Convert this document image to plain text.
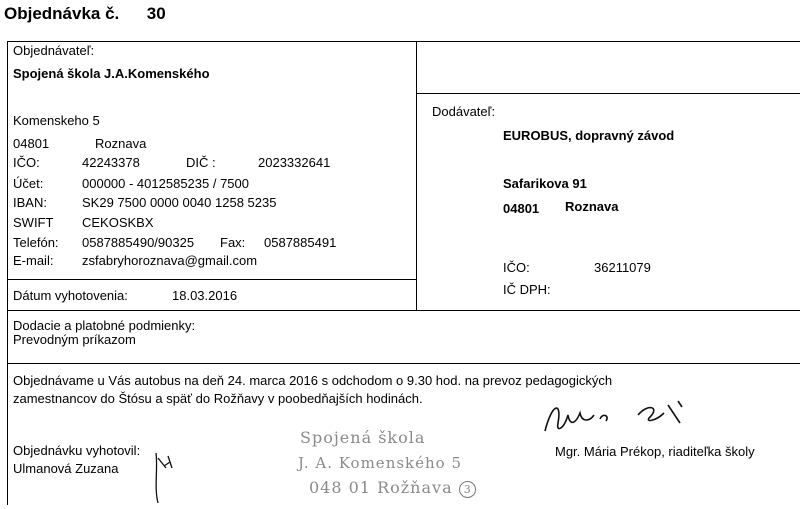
Objednávka č. 30
Objednávateľ:
Spojená škola J.A.Komenského
Komenskeho 5
04801	Roznava
IČO:	42243378	DIČ :	2023332641
Účet:	000000 - 4012585235 / 7500
IBAN:	SK29 7500 0000 0040 1258 5235
SWIFT CEKOSKBX
Telefón: 0587885490/90325 Fax: 0587885491
E-mail: zsfabryhoroznava@gmail.com
Dátum vyhotovenia:	18.03.2016
Dodávateľ:
EUROBUS, dopravný závod
Safarikova 91
04801 Roznava
IČO:	36211079
IČ DPH:
Dodacie a platobné podmienky:
Prevodným príkazom
Objednávame u Vás autobus na deň 24. marca 2016 s odchodom o 9.30 hod. na prevoz pedagogických
zamestnancov do Štósu a späť do Rožňavy v poobedňajších hodinách.
Objednávku vyhotovil:
Ulmanová Zuzana
Spojená škola
J. A. Komenského 5
048 01 Rožňava 3
Mgr. Mária Prékop, riaditeľka školy
